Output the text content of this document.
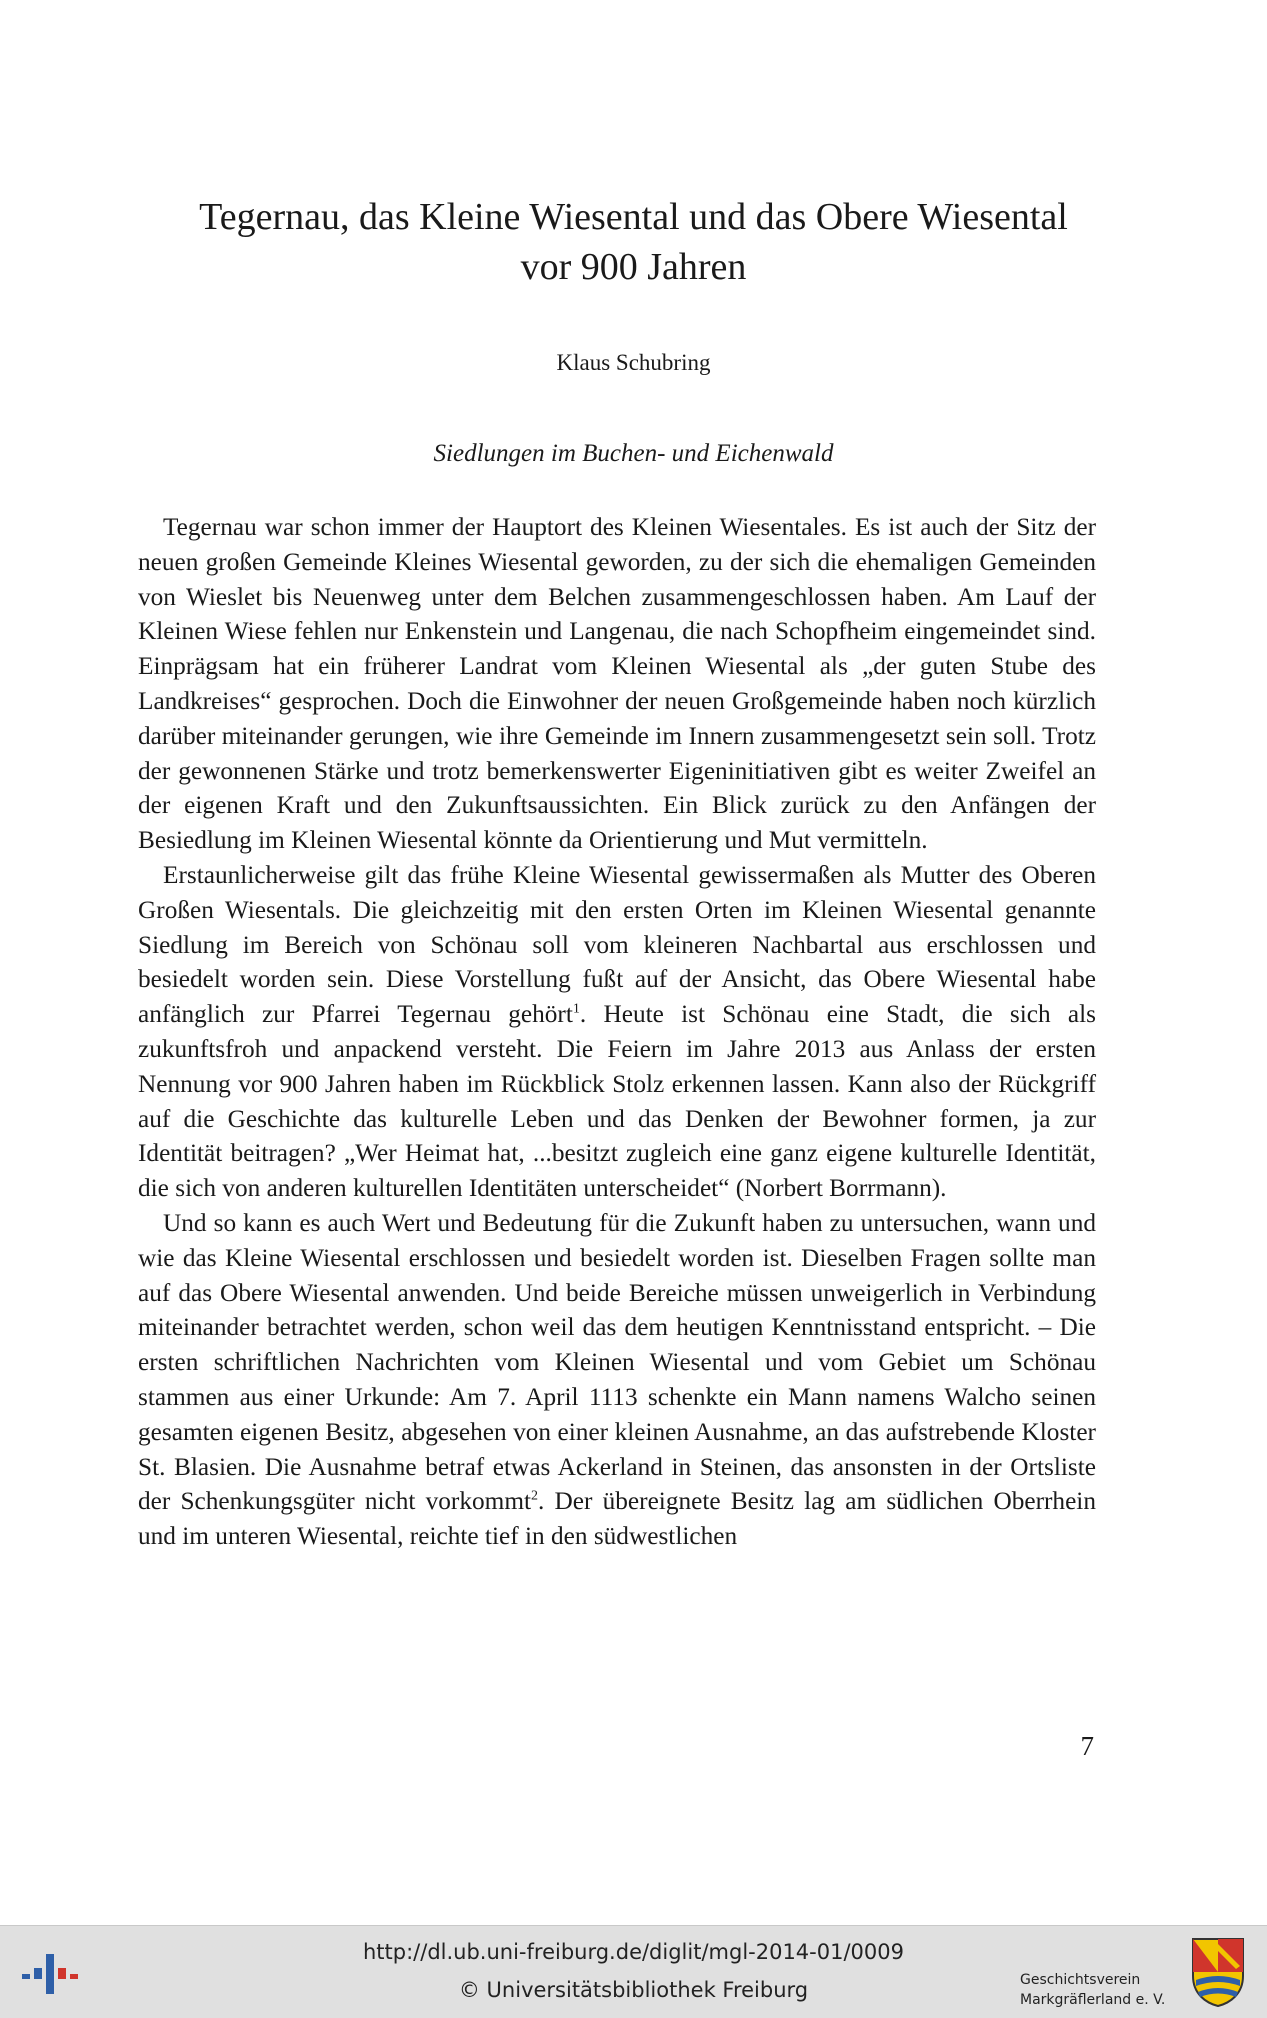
Tegernau, das Kleine Wiesental und das Obere Wiesental
vor 900 Jahren
Klaus Schubring
Siedlungen im Buchen- und Eichenwald

Tegernau war schon immer der Hauptort des Kleinen Wiesentales. Es ist auch der Sitz der neuen großen Gemeinde Kleines Wiesental geworden, zu der sich die ehemaligen Gemeinden von Wieslet bis Neuenweg unter dem Belchen zusammengeschlossen haben. Am Lauf der Kleinen Wiese fehlen nur Enkenstein und Langenau, die nach Schopfheim eingemeindet sind. Einprägsam hat ein früherer Landrat vom Kleinen Wiesental als „der guten Stube des Landkreises“ gesprochen. Doch die Einwohner der neuen Großgemeinde haben noch kürzlich darüber miteinander gerungen, wie ihre Gemeinde im Innern zusammengesetzt sein soll. Trotz der gewonnenen Stärke und trotz bemerkenswerter Eigeninitiativen gibt es weiter Zweifel an der eigenen Kraft und den Zukunftsaussichten. Ein Blick zurück zu den Anfängen der Besiedlung im Kleinen Wiesental könnte da Orientierung und Mut vermitteln.

Erstaunlicherweise gilt das frühe Kleine Wiesental gewissermaßen als Mutter des Oberen Großen Wiesentals. Die gleichzeitig mit den ersten Orten im Kleinen Wiesental genannte Siedlung im Bereich von Schönau soll vom kleineren Nachbartal aus erschlossen und besiedelt worden sein. Diese Vorstellung fußt auf der Ansicht, das Obere Wiesental habe anfänglich zur Pfarrei Tegernau gehört$^1$. Heute ist Schönau eine Stadt, die sich als zukunftsfroh und anpackend versteht. Die Feiern im Jahre 2013 aus Anlass der ersten Nennung vor 900 Jahren haben im Rückblick Stolz erkennen lassen. Kann also der Rückgriff auf die Geschichte das kulturelle Leben und das Denken der Bewohner formen, ja zur Identität beitragen? „Wer Heimat hat, ...besitzt zugleich eine ganz eigene kulturelle Identität, die sich von anderen kulturellen Identitäten unterscheidet“ (Norbert Borrmann).

Und so kann es auch Wert und Bedeutung für die Zukunft haben zu untersuchen, wann und wie das Kleine Wiesental erschlossen und besiedelt worden ist. Dieselben Fragen sollte man auf das Obere Wiesental anwenden. Und beide Bereiche müssen unweigerlich in Verbindung miteinander betrachtet werden, schon weil das dem heutigen Kenntnisstand entspricht. – Die ersten schriftlichen Nachrichten vom Kleinen Wiesental und vom Gebiet um Schönau stammen aus einer Urkunde: Am 7. April 1113 schenkte ein Mann namens Walcho seinen gesamten eigenen Besitz, abgesehen von einer kleinen Ausnahme, an das aufstrebende Kloster St. Blasien. Die Ausnahme betraf etwas Ackerland in Steinen, das ansonsten in der Ortsliste der Schenkungsgüter nicht vorkommt$^2$. Der übereignete Besitz lag am südlichen Oberrhein und im unteren Wiesental, reichte tief in den südwestlichen

7
http://dl.ub.uni-freiburg.de/diglit/mgl-2014-01/0009
© Universitätsbibliothek Freiburg	Geschichtsverein
Markgräflerland e. V.
